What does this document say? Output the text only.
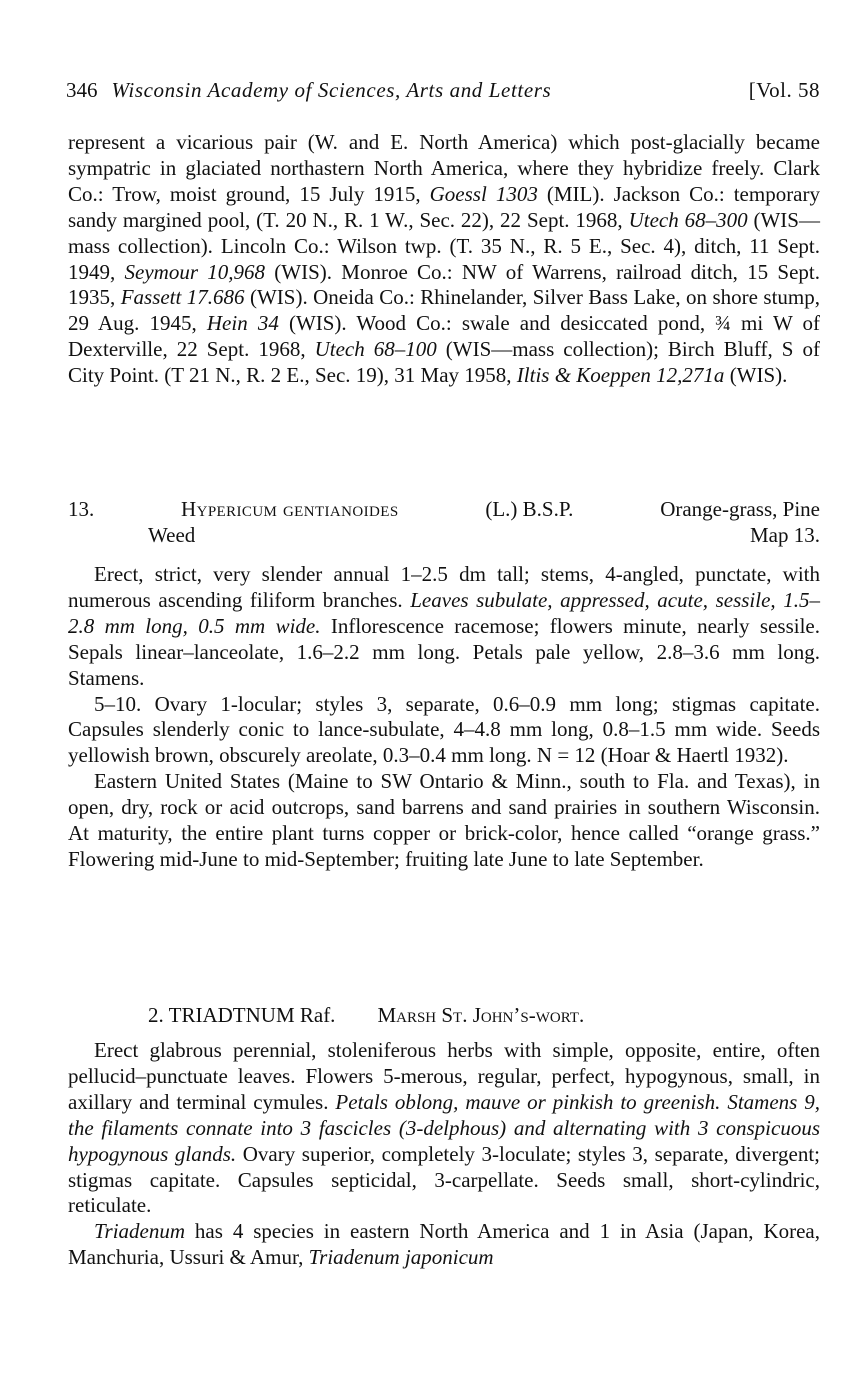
346 Wisconsin Academy of Sciences, Arts and Letters	[Vol. 58

represent a vicarious pair (W. and E. North America) which post-glacially became sympatric in glaciated northastern North America, where they hybridize freely. Clark Co.: Trow, moist ground, 15 July 1915, Goessl 1303 (MIL). Jackson Co.: temporary sandy margined pool, (T. 20 N., R. 1 W., Sec. 22), 22 Sept. 1968, Utech 68–300 (WIS—mass collection). Lincoln Co.: Wilson twp. (T. 35 N., R. 5 E., Sec. 4), ditch, 11 Sept. 1949, Seymour 10,968 (WIS). Monroe Co.: NW of Warrens, railroad ditch, 15 Sept. 1935, Fassett 17.686 (WIS). Oneida Co.: Rhinelander, Silver Bass Lake, on shore stump, 29 Aug. 1945, Hein 34 (WIS). Wood Co.: swale and desiccated pond, ¾ mi W of Dexterville, 22 Sept. 1968, Utech 68–100 (WIS—mass collection); Birch Bluff, S of City Point. (T 21 N., R. 2 E., Sec. 19), 31 May 1958, Iltis & Koeppen 12,271a (WIS).

13.	Hypericum gentianoides	(L.) B.S.P.	Orange-grass, Pine
Weed	Map 13.

Erect, strict, very slender annual 1–2.5 dm tall; stems, 4-angled, punctate, with numerous ascending filiform branches. Leaves subulate, appressed, acute, sessile, 1.5–2.8 mm long, 0.5 mm wide. Inflorescence racemose; flowers minute, nearly sessile. Sepals linear–lanceolate, 1.6–2.2 mm long. Petals pale yellow, 2.8–3.6 mm long. Stamens.

5–10. Ovary 1-locular; styles 3, separate, 0.6–0.9 mm long; stigmas capitate. Capsules slenderly conic to lance-subulate, 4–4.8 mm long, 0.8–1.5 mm wide. Seeds yellowish brown, obscurely areolate, 0.3–0.4 mm long. N = 12 (Hoar & Haertl 1932).

Eastern United States (Maine to SW Ontario & Minn., south to Fla. and Texas), in open, dry, rock or acid outcrops, sand barrens and sand prairies in southern Wisconsin. At maturity, the entire plant turns copper or brick-color, hence called “orange grass.” Flowering mid-June to mid-September; fruiting late June to late September.

2. TRIADTNUM Raf. Marsh St. John’s-wort.

Erect glabrous perennial, stoleniferous herbs with simple, opposite, entire, often pellucid–punctuate leaves. Flowers 5-merous, regular, perfect, hypogynous, small, in axillary and terminal cymules. Petals oblong, mauve or pinkish to greenish. Stamens 9, the filaments connate into 3 fascicles (3-delphous) and alternating with 3 conspicuous hypogynous glands. Ovary superior, completely 3-loculate; styles 3, separate, divergent; stigmas capitate. Capsules septicidal, 3-carpellate. Seeds small, short-cylindric, reticulate.

Triadenum has 4 species in eastern North America and 1 in Asia (Japan, Korea, Manchuria, Ussuri & Amur, Triadenum japonicum
